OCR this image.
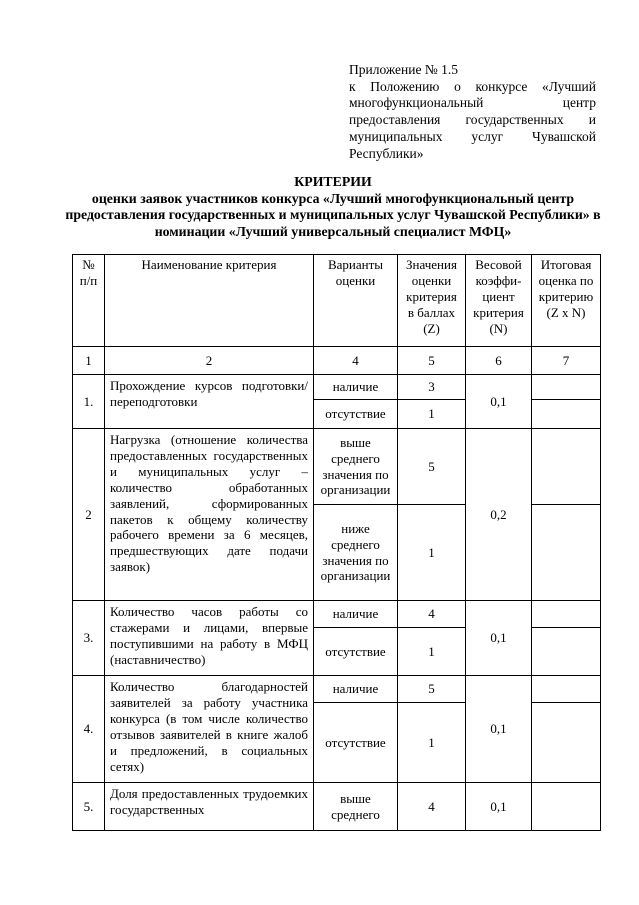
Приложение № 1.5
к Положению о конкурсе «Лучший многофункциональный центр предоставления государственных и муниципальных услуг Чувашской Республики»
КРИТЕРИИ
оценки заявок участников конкурса «Лучший многофункциональный центр предоставления государственных и муниципальных услуг Чувашской Республики» в номинации «Лучший универсальный специалист МФЦ»
№ п/п	Наименование критерия	Варианты оценки	Значения оценки критерия в баллах (Z)	Весовой коэффи-циент критерия (N)	Итоговая оценка по критерию (Z x N)
1	2	4	5	6	7
1.	Прохождение курсов подготовки/переподготовки	наличие	3	0,1	
		отсутствие	1		
2	Нагрузка (отношение количества предоставленных государственных и муниципальных услуг – количество обработанных заявлений, сформированных пакетов к общему количеству рабочего времени за 6 месяцев, предшествующих дате подачи заявок)	выше среднего значения по организации	5	0,2	
		ниже среднего значения по организации	1		
3.	Количество часов работы со стажерами и лицами, впервые поступившими на работу в МФЦ (наставничество)	наличие	4	0,1	
		отсутствие	1		
4.	Количество благодарностей заявителей за работу участника конкурса (в том числе количество отзывов заявителей в книге жалоб и предложений, в социальных сетях)	наличие	5	0,1	
		отсутствие	1		
5.	Доля предоставленных трудоемких государственных	выше среднего	4	0,1	
